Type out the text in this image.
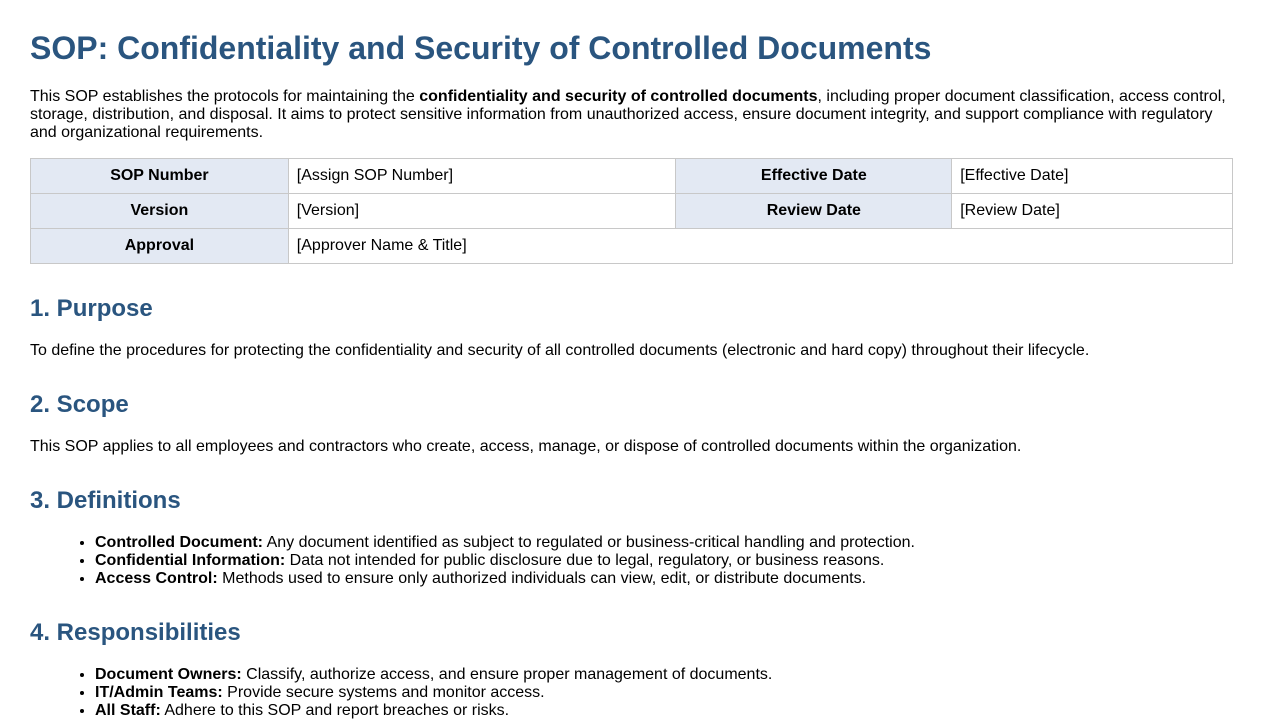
SOP: Confidentiality and Security of Controlled Documents

This SOP establishes the protocols for maintaining the confidentiality and security of controlled documents, including proper document classification, access control, storage, distribution, and disposal. It aims to protect sensitive information from unauthorized access, ensure document integrity, and support compliance with regulatory and organizational requirements.

SOP Number	[Assign SOP Number]	Effective Date	[Effective Date]
Version	[Version]	Review Date	[Review Date]
Approval	[Approver Name & Title]		
1. Purpose

To define the procedures for protecting the confidentiality and security of all controlled documents (electronic and hard copy) throughout their lifecycle.

2. Scope

This SOP applies to all employees and contractors who create, access, manage, or dispose of controlled documents within the organization.

3. Definitions
• Controlled Document: Any document identified as subject to regulated or business-critical handling and protection.
• Confidential Information: Data not intended for public disclosure due to legal, regulatory, or business reasons.
• Access Control: Methods used to ensure only authorized individuals can view, edit, or distribute documents.
4. Responsibilities
• Document Owners: Classify, authorize access, and ensure proper management of documents.
• IT/Admin Teams: Provide secure systems and monitor access.
• All Staff: Adhere to this SOP and report breaches or risks.
